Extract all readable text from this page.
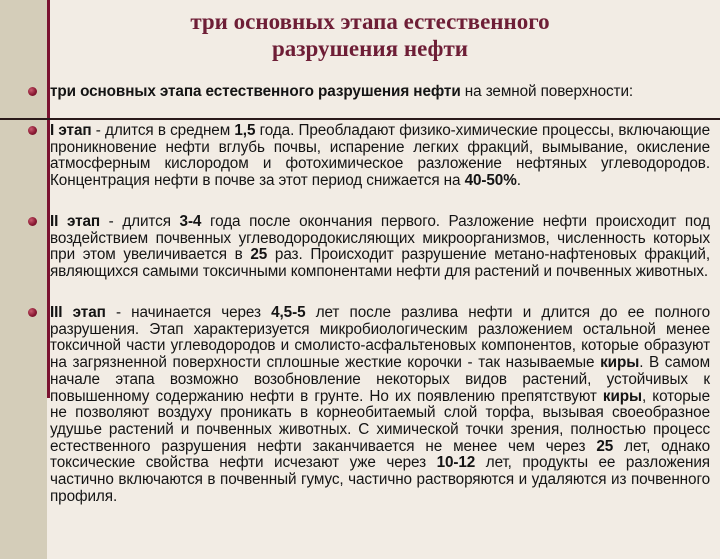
три основных этапа естественного
разрушения нефти
три основных этапа естественного разрушения нефти на земной поверхности:
I этап - длится в среднем 1,5 года. Преобладают физико-химические процессы, включающие проникновение нефти вглубь почвы, испарение легких фракций, вымывание, окисление атмосферным кислородом и фотохимическое разложение нефтяных углеводородов. Концентрация нефти в почве за этот период снижается на 40-50%.
II этап - длится 3-4 года после окончания первого. Разложение нефти происходит под воздействием почвенных углеводородокисляющих микроорганизмов, численность которых при этом увеличивается в 25 раз. Происходит разрушение метано-нафтеновых фракций, являющихся самыми токсичными компонентами нефти для растений и почвенных животных.
III этап - начинается через 4,5-5 лет после разлива нефти и длится до ее полного разрушения. Этап характеризуется микробиологическим разложением остальной менее токсичной части углеводородов и смолисто-асфальтеновых компонентов, которые образуют на загрязненной поверхности сплошные жесткие корочки - так называемые киры. В самом начале этапа возможно возобновление некоторых видов растений, устойчивых к повышенному содержанию нефти в грунте. Но их появлению препятствуют киры, которые не позволяют воздуху проникать в корнеобитаемый слой торфа, вызывая своеобразное удушье растений и почвенных животных. С химической точки зрения, полностью процесс естественного разрушения нефти заканчивается не менее чем через 25 лет, однако токсические свойства нефти исчезают уже через 10-12 лет, продукты ее разложения частично включаются в почвенный гумус, частично растворяются и удаляются из почвенного профиля.
